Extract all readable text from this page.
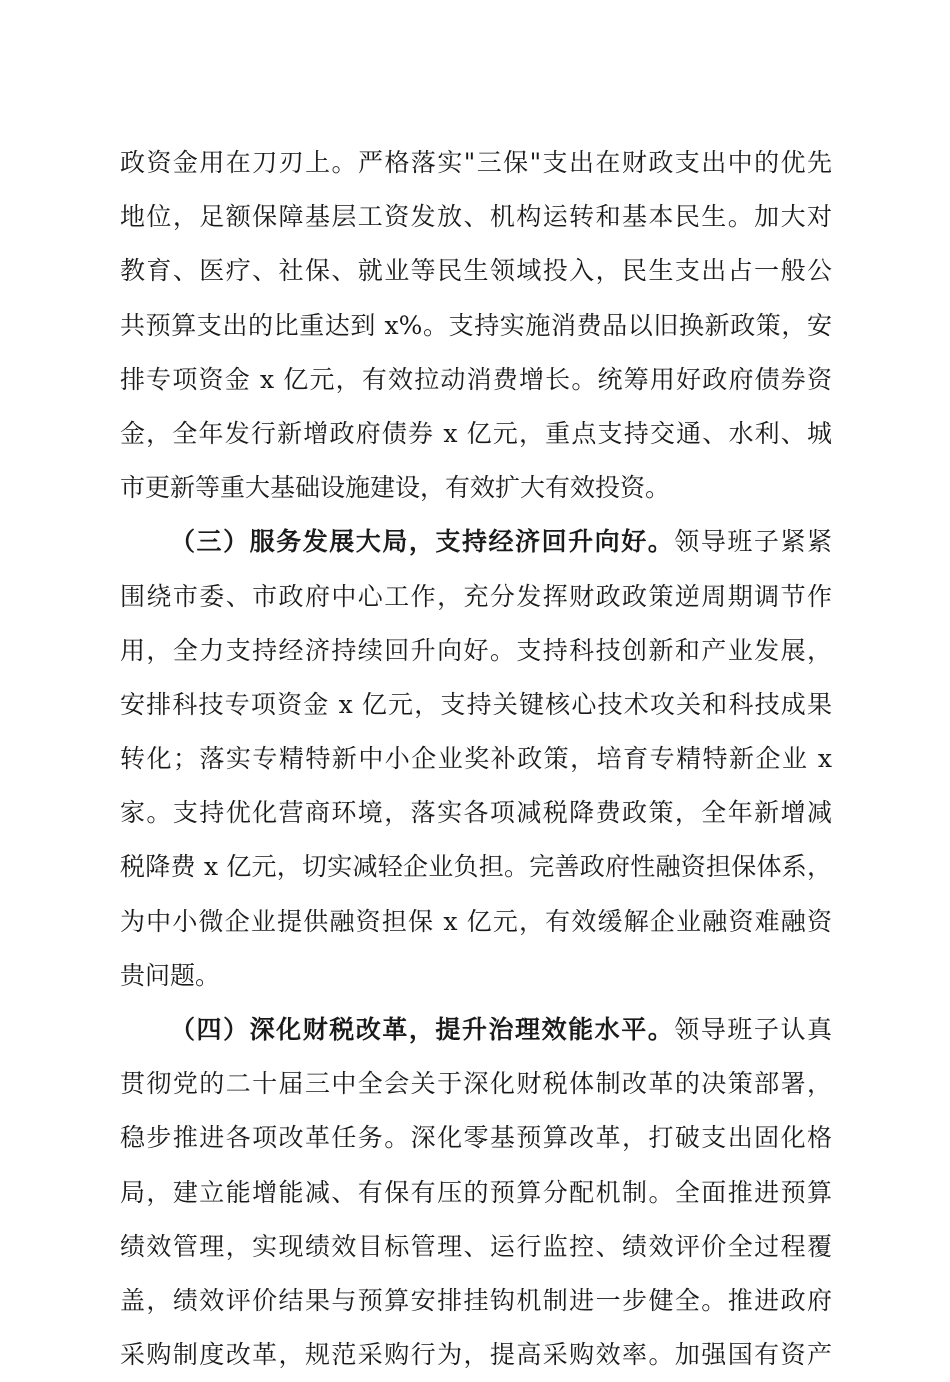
政资金用在刀刃上。严格落实"三保"支出在财政支出中的优先
地位，足额保障基层工资发放、机构运转和基本民生。加大对
教育、医疗、社保、就业等民生领域投入，民生支出占一般公
共预算支出的比重达到 x%。支持实施消费品以旧换新政策，安
排专项资金 x 亿元，有效拉动消费增长。统筹用好政府债券资
金，全年发行新增政府债券 x 亿元，重点支持交通、水利、城
市更新等重大基础设施建设，有效扩大有效投资。
（三）服务发展大局，支持经济回升向好。领导班子紧紧
围绕市委、市政府中心工作，充分发挥财政政策逆周期调节作
用，全力支持经济持续回升向好。支持科技创新和产业发展，
安排科技专项资金 x 亿元，支持关键核心技术攻关和科技成果
转化；落实专精特新中小企业奖补政策，培育专精特新企业 x
家。支持优化营商环境，落实各项减税降费政策，全年新增减
税降费 x 亿元，切实减轻企业负担。完善政府性融资担保体系，
为中小微企业提供融资担保 x 亿元，有效缓解企业融资难融资
贵问题。
（四）深化财税改革，提升治理效能水平。领导班子认真
贯彻党的二十届三中全会关于深化财税体制改革的决策部署，
稳步推进各项改革任务。深化零基预算改革，打破支出固化格
局，建立能增能减、有保有压的预算分配机制。全面推进预算
绩效管理，实现绩效目标管理、运行监控、绩效评价全过程覆
盖，绩效评价结果与预算安排挂钩机制进一步健全。推进政府
采购制度改革，规范采购行为，提高采购效率。加强国有资产
